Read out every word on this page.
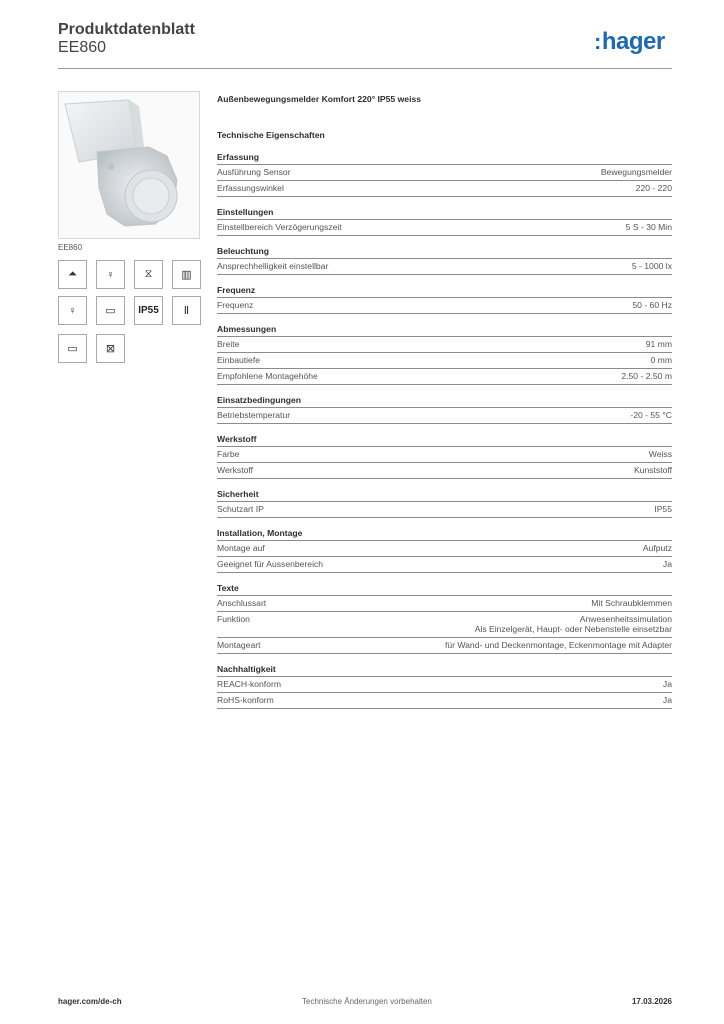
Produktdatenblatt
EE860	:hager
EE860
⏶	♀	⧖	▥
♀	▭	IP55	Ⅱ
▭	⊠
Außenbewegungsmelder Komfort 220° IP55 weiss
Technische Eigenschaften
Erfassung
Ausführung Sensor	Bewegungsmelder
Erfassungswinkel	220 - 220
Einstellungen
Einstellbereich Verzögerungszeit	5 S - 30 Min
Beleuchtung
Ansprechhelligkeit einstellbar	5 - 1000 lx
Frequenz
Frequenz	50 - 60 Hz
Abmessungen
Breite	91 mm
Einbautiefe	0 mm
Empfohlene Montagehöhe	2.50 - 2.50 m
Einsatzbedingungen
Betriebstemperatur	-20 - 55 °C
Werkstoff
Farbe	Weiss
Werkstoff	Kunststoff
Sicherheit
Schutzart IP	IP55
Installation, Montage
Montage auf	Aufputz
Geeignet für Aussenbereich	Ja
Texte
Anschlussart	Mit Schraubklemmen
Funktion	Anwesenheitssimulation
Als Einzelgerät, Haupt- oder Nebenstelle einsetzbar
Montageart	für Wand- und Deckenmontage, Eckenmontage mit Adapter
Nachhaltigkeit
REACH-konform	Ja
RoHS-konform	Ja
hager.com/de-ch	Technische Änderungen vorbehalten	17.03.2026
